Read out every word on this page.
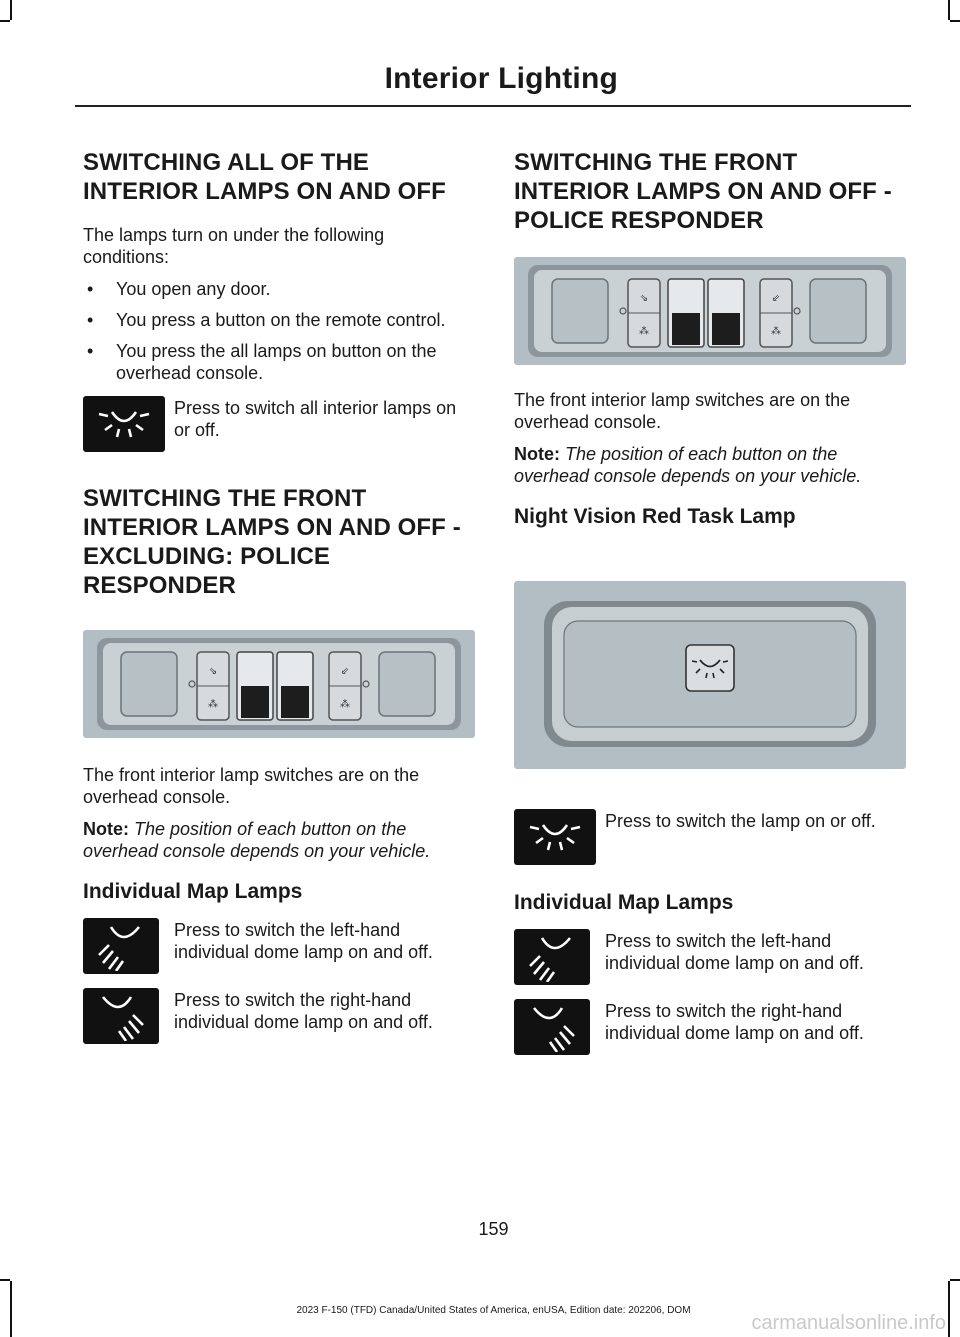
Interior Lighting
SWITCHING ALL OF THE INTERIOR LAMPS ON AND OFF

The lamps turn on under the following conditions:

• You open any door.
• You press a button on the remote control.
• You press the all lamps on button on the overhead console.
Press to switch all interior lamps on or off.
SWITCHING THE FRONT INTERIOR LAMPS ON AND OFF - EXCLUDING: POLICE RESPONDER
⇘
⁂
⇙
⁂

The front interior lamp switches are on the overhead console.

Note: The position of each button on the overhead console depends on your vehicle.

Individual Map Lamps
Press to switch the left-hand individual dome lamp on and off.
Press to switch the right-hand individual dome lamp on and off.
SWITCHING THE FRONT INTERIOR LAMPS ON AND OFF - POLICE RESPONDER
⇘
⁂
⇙
⁂

The front interior lamp switches are on the overhead console.

Note: The position of each button on the overhead console depends on your vehicle.

Night Vision Red Task Lamp
Press to switch the lamp on or off.
Individual Map Lamps
Press to switch the left-hand individual dome lamp on and off.
Press to switch the right-hand individual dome lamp on and off.
159
2023 F-150 (TFD) Canada/United States of America, enUSA, Edition date: 202206, DOM
carmanualsonline.info
